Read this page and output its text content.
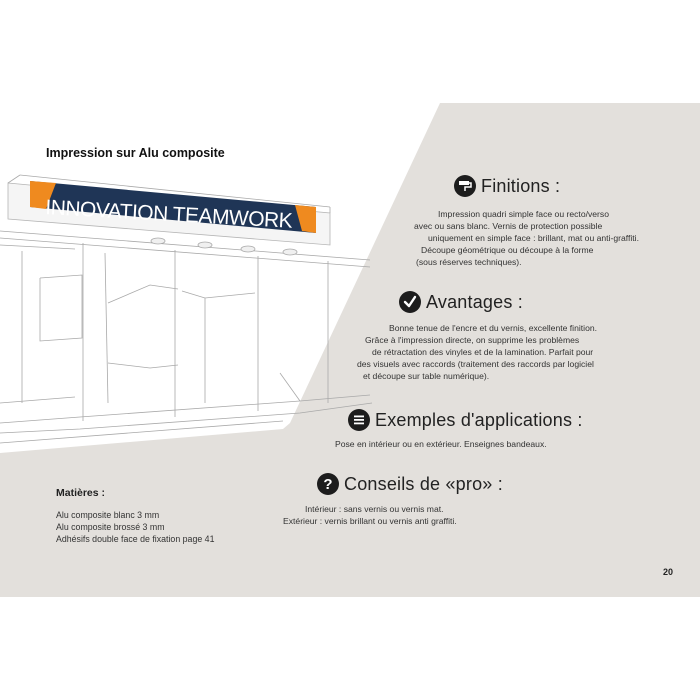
INNOVATION TEAMWORK
Impression sur Alu composite
Finitions :
Impression quadri simple face ou recto/verso
avec ou sans blanc. Vernis de protection possible
uniquement en simple face : brillant, mat ou anti-graffiti.
Découpe géométrique ou découpe à la forme
(sous réserves techniques).
Avantages :
Bonne tenue de l'encre et du vernis, excellente finition.
Grâce à l'impression directe, on supprime les problèmes
de rétractation des vinyles et de la lamination. Parfait pour
des visuels avec raccords (traitement des raccords par logiciel
et découpe sur table numérique).
Exemples d'applications :
Pose en intérieur ou en extérieur. Enseignes bandeaux.
? Conseils de «pro» :
Intérieur : sans vernis ou vernis mat.
Extérieur : vernis brillant ou vernis anti graffiti.
Matières :
Alu composite blanc 3 mm
Alu composite brossé 3 mm
Adhésifs double face de fixation page 41
20
